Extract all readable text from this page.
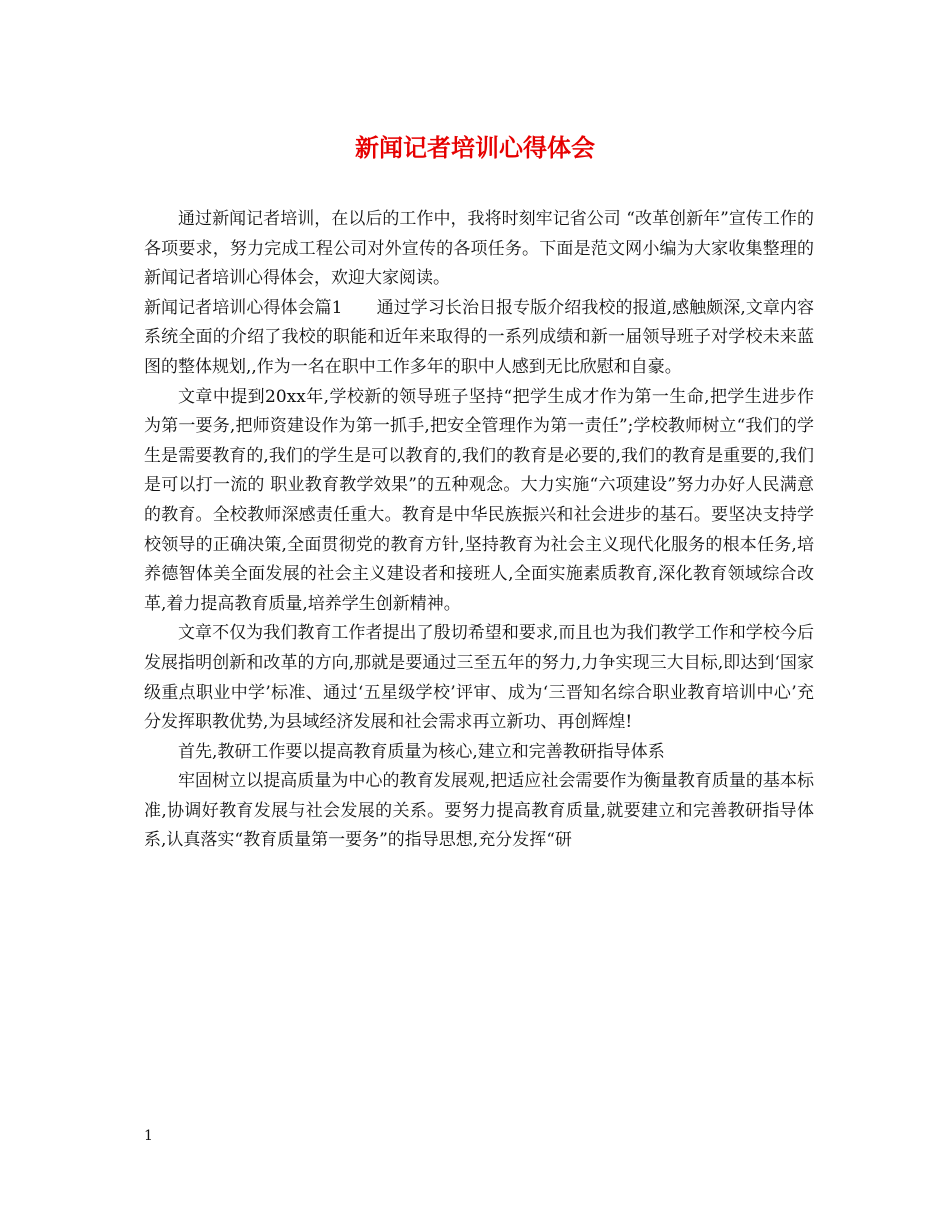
新闻记者培训心得体会

通过新闻记者培训，在以后的工作中，我将时刻牢记省公司 “改革创新年”宣传工作的各项要求，努力完成工程公司对外宣传的各项任务。下面是范文网小编为大家收集整理的新闻记者培训心得体会，欢迎大家阅读。

新闻记者培训心得体会篇1　　通过学习长治日报专版介绍我校的报道,感触颇深,文章内容系统全面的介绍了我校的职能和近年来取得的一系列成绩和新一届领导班子对学校未来蓝图的整体规划,,作为一名在职中工作多年的职中人感到无比欣慰和自豪。

文章中提到20xx年,学校新的领导班子坚持“把学生成才作为第一生命,把学生进步作为第一要务,把师资建设作为第一抓手,把安全管理作为第一责任”;学校教师树立“我们的学生是需要教育的,我们的学生是可以教育的,我们的教育是必要的,我们的教育是重要的,我们是可以打一流的 职业教育教学效果”的五种观念。大力实施“六项建设”努力办好人民满意的教育。全校教师深感责任重大。教育是中华民族振兴和社会进步的基石。要坚决支持学校领导的正确决策,全面贯彻党的教育方针,坚持教育为社会主义现代化服务的根本任务,培养德智体美全面发展的社会主义建设者和接班人,全面实施素质教育,深化教育领域综合改革,着力提高教育质量,培养学生创新精神。

文章不仅为我们教育工作者提出了殷切希望和要求,而且也为我们教学工作和学校今后发展指明创新和改革的方向,那就是要通过三至五年的努力,力争实现三大目标,即达到‘国家级重点职业中学’标准、通过‘五星级学校’评审、成为‘三晋知名综合职业教育培训中心’充分发挥职教优势,为县域经济发展和社会需求再立新功、再创辉煌!

首先,教研工作要以提高教育质量为核心,建立和完善教研指导体系

牢固树立以提高质量为中心的教育发展观,把适应社会需要作为衡量教育质量的基本标准,协调好教育发展与社会发展的关系。要努力提高教育质量,就要建立和完善教研指导体系,认真落实“教育质量第一要务”的指导思想,充分发挥“研

1
